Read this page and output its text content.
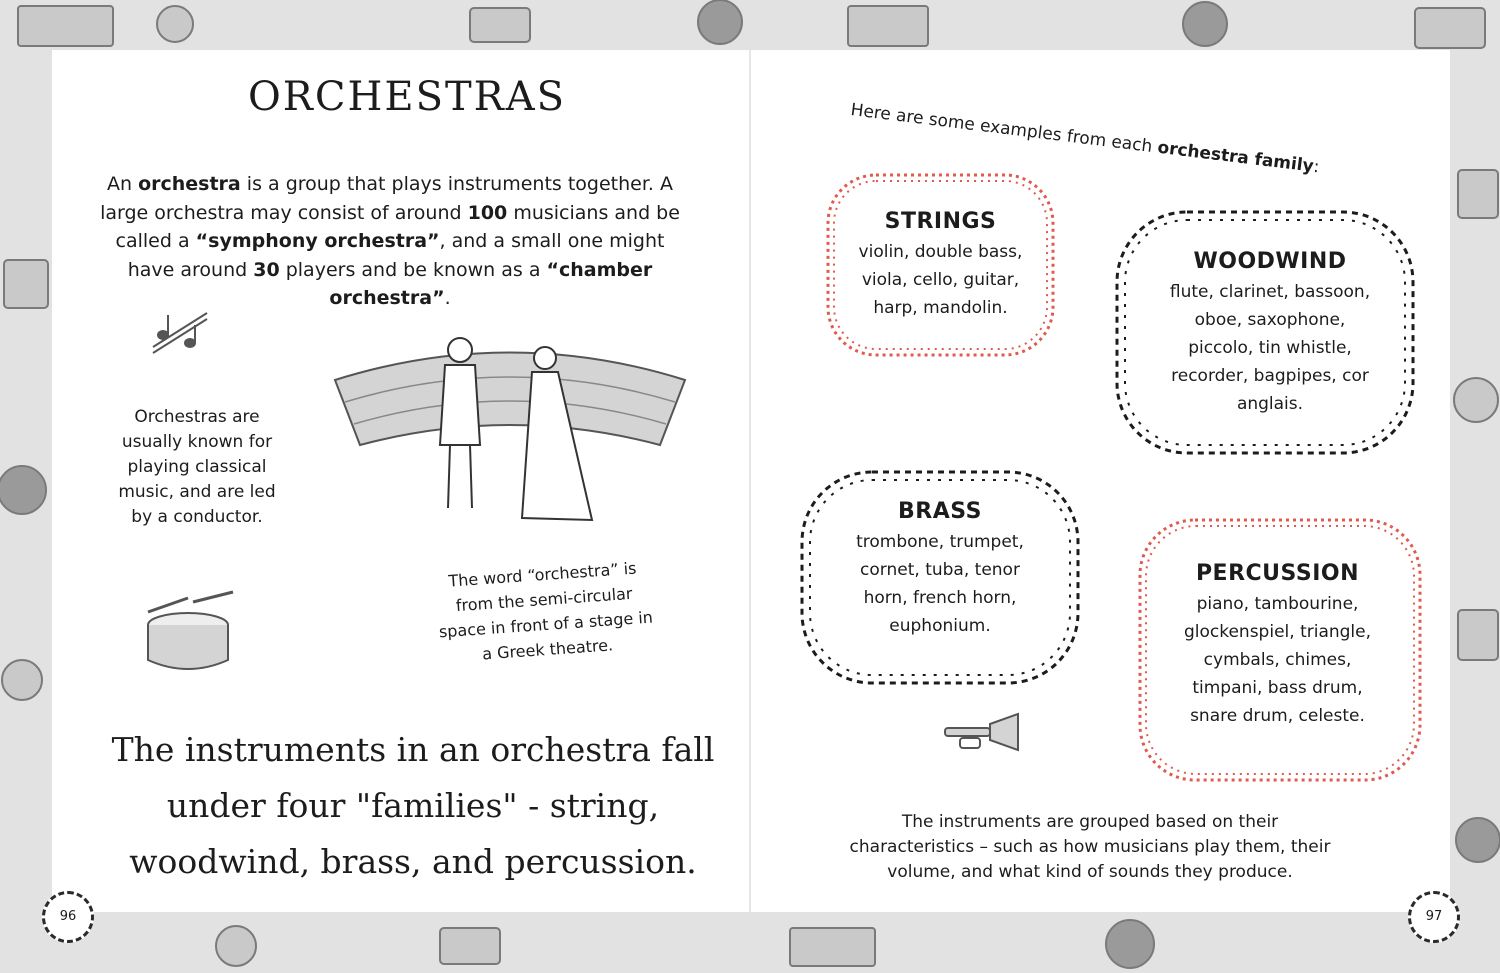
ORCHESTRAS
An orchestra is a group that plays instruments together. A large orchestra may consist of around 100 musicians and be called a “symphony orchestra”, and a small one might have around 30 players and be known as a “chamber orchestra”.
Orchestras are usually known for playing classical music, and are led by a conductor.
The word “orchestra” is from the semi-circular space in front of a stage in a Greek theatre.
The instruments in an orchestra fall under four "families" - string, woodwind, brass, and percussion.
96
Here are some examples from each orchestra family:
STRINGS
violin, double bass, viola, cello, guitar, harp, mandolin.
WOODWIND
flute, clarinet, bassoon, oboe, saxophone, piccolo, tin whistle, recorder, bagpipes, cor anglais.
BRASS
trombone, trumpet, cornet, tuba, tenor horn, french horn, euphonium.
PERCUSSION
piano, tambourine, glockenspiel, triangle, cymbals, chimes, timpani, bass drum, snare drum, celeste.
The instruments are grouped based on their characteristics – such as how musicians play them, their volume, and what kind of sounds they produce.
97
